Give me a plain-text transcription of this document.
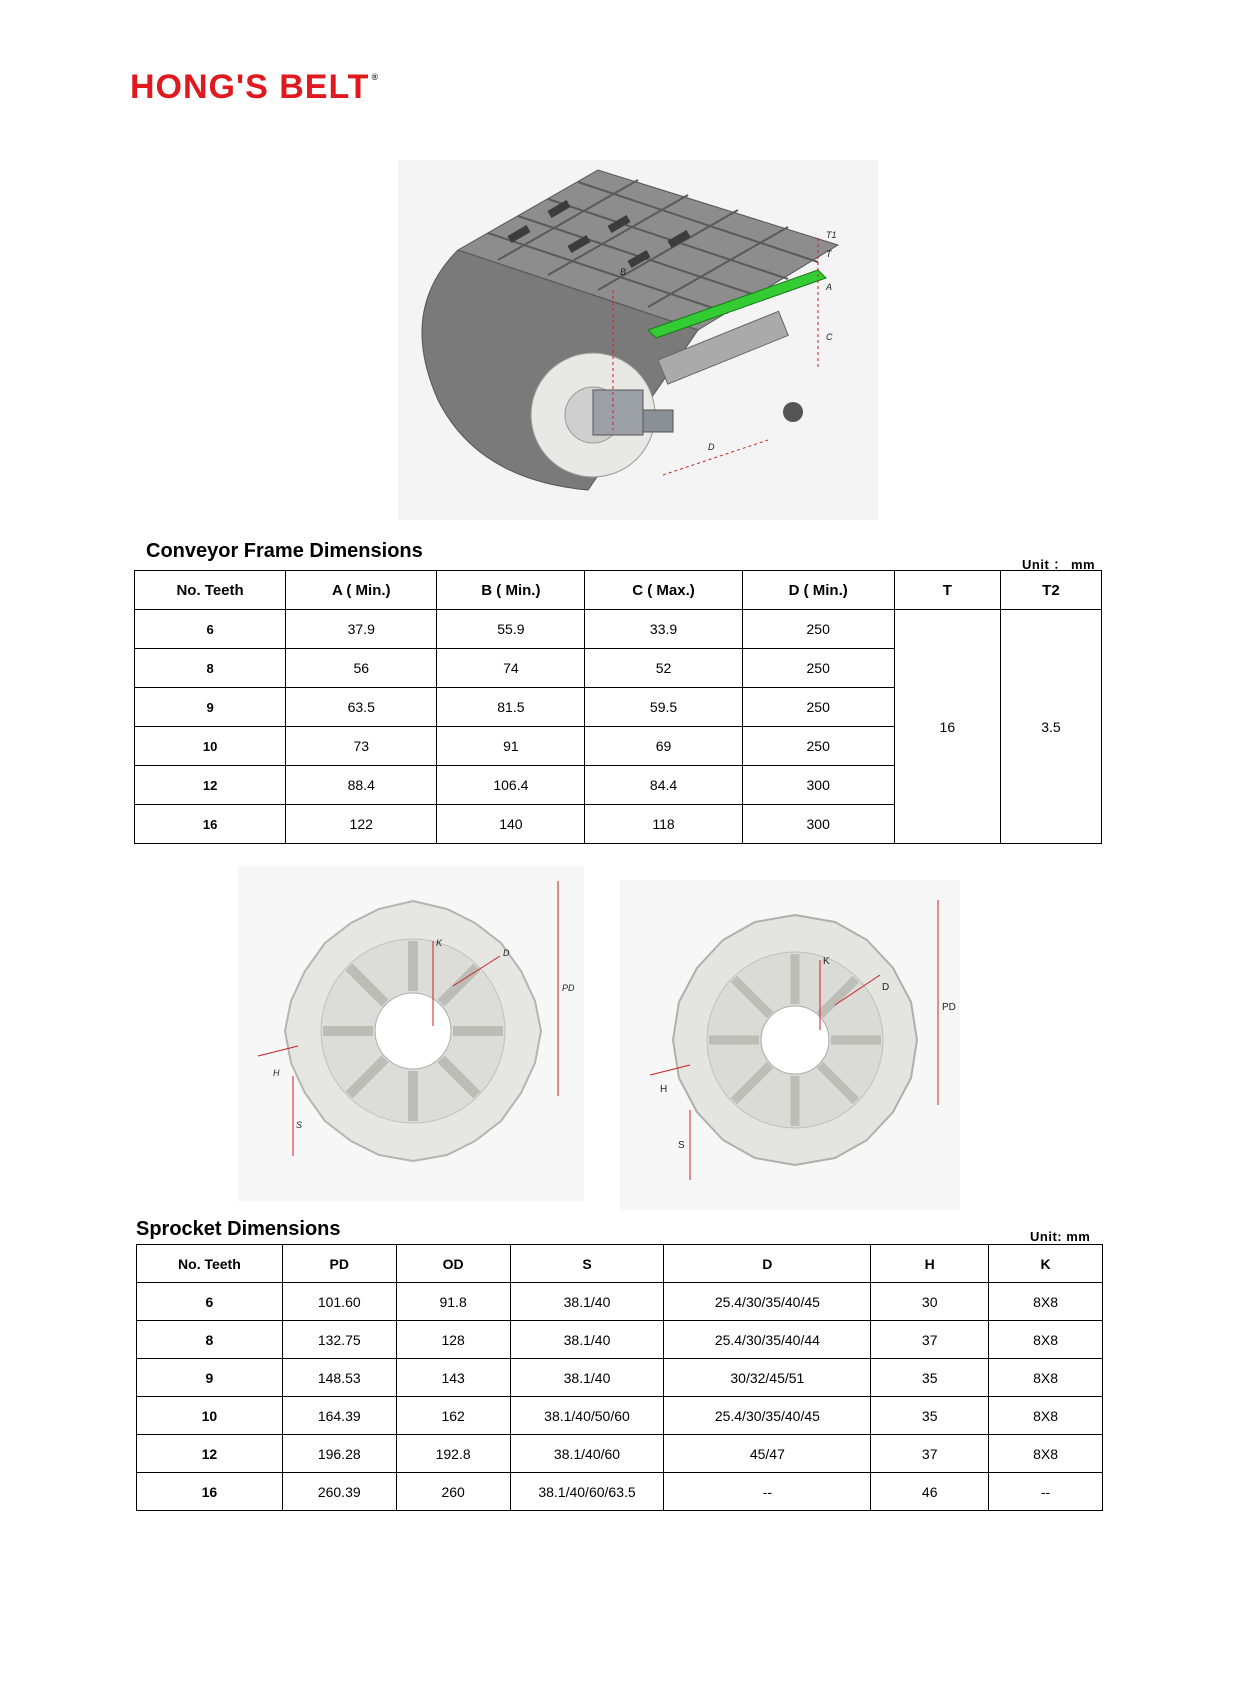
HONG'S BELT ®
T1
T
A
B
C
D
Conveyor Frame Dimensions
Unit ： mm
No. Teeth	A ( Min.)	B ( Min.)	C ( Max.)	D ( Min.)	T	T2
6	37.9	55.9	33.9	250	16	3.5
8	56	74	52	250		
9	63.5	81.5	59.5	250		
10	73	91	69	250		
12	88.4	106.4	84.4	300		
16	122	140	118	300		
K
D
PD
H
S
K
D
PD
H
S
Sprocket Dimensions	Unit: mm
No. Teeth	PD	OD	S	D	H	K
6	101.60	91.8	38.1/40	25.4/30/35/40/45	30	8X8
8	132.75	128	38.1/40	25.4/30/35/40/44	37	8X8
9	148.53	143	38.1/40	30/32/45/51	35	8X8
10	164.39	162	38.1/40/50/60	25.4/30/35/40/45	35	8X8
12	196.28	192.8	38.1/40/60	45/47	37	8X8
16	260.39	260	38.1/40/60/63.5	--	46	--
